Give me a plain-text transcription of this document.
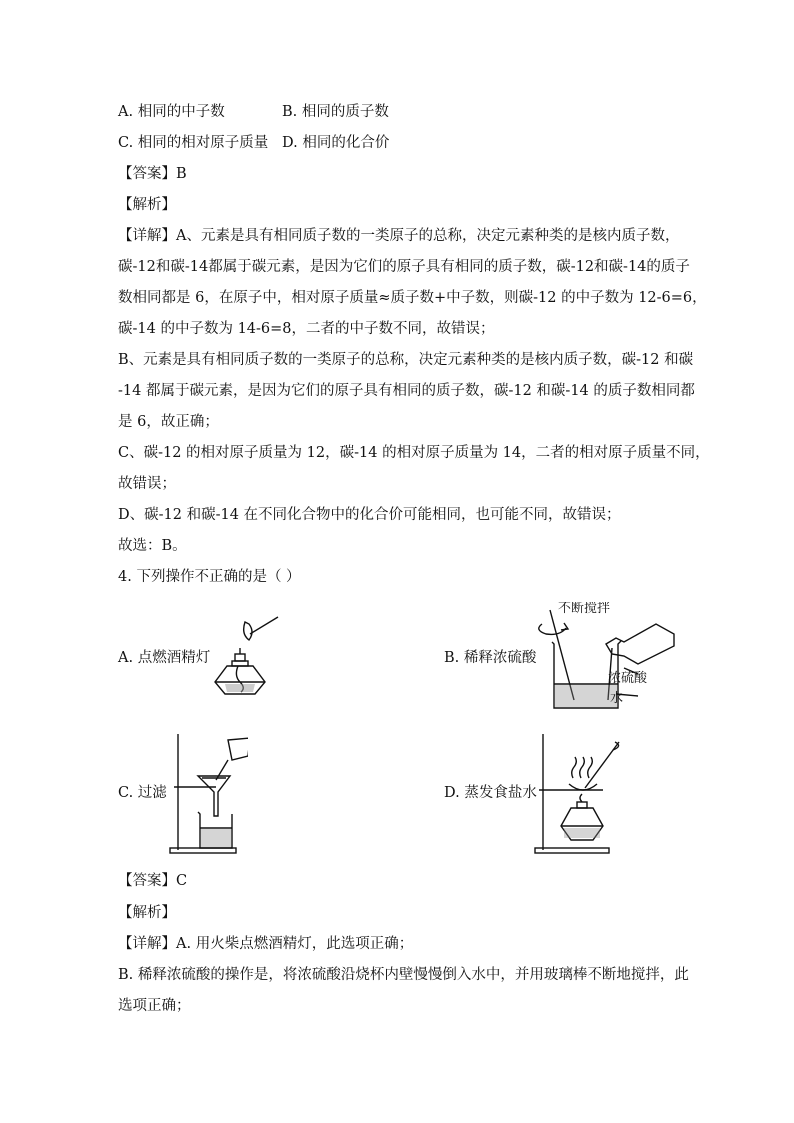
A. 相同的中子数	B. 相同的质子数
C. 相同的相对原子质量 D. 相同的化合价
【答案】B
【解析】
【详解】A、元素是具有相同质子数的一类原子的总称，决定元素种类的是核内质子数，
碳-12和碳-14都属于碳元素，是因为它们的原子具有相同的质子数，碳-12和碳-14的质子
数相同都是 6，在原子中，相对原子质量≈质子数+中子数，则碳-12 的中子数为 12-6=6，
碳-14 的中子数为 14-6=8，二者的中子数不同，故错误；
B、元素是具有相同质子数的一类原子的总称，决定元素种类的是核内质子数，碳-12 和碳
-14 都属于碳元素，是因为它们的原子具有相同的质子数，碳-12 和碳-14 的质子数相同都
是 6，故正确；
C、碳-12 的相对原子质量为 12，碳-14 的相对原子质量为 14，二者的相对原子质量不同，
故错误；
D、碳-12 和碳-14 在不同化合物中的化合价可能相同，也可能不同，故错误；
故选：B。
4. 下列操作不正确的是（ ）
A. 点燃酒精灯	B. 稀释浓硫酸
C. 过滤	D. 蒸发食盐水
不断搅拌
浓硫酸
水
【答案】C
【解析】
【详解】A. 用火柴点燃酒精灯，此选项正确；
B. 稀释浓硫酸的操作是，将浓硫酸沿烧杯内壁慢慢倒入水中，并用玻璃棒不断地搅拌，此
选项正确；
